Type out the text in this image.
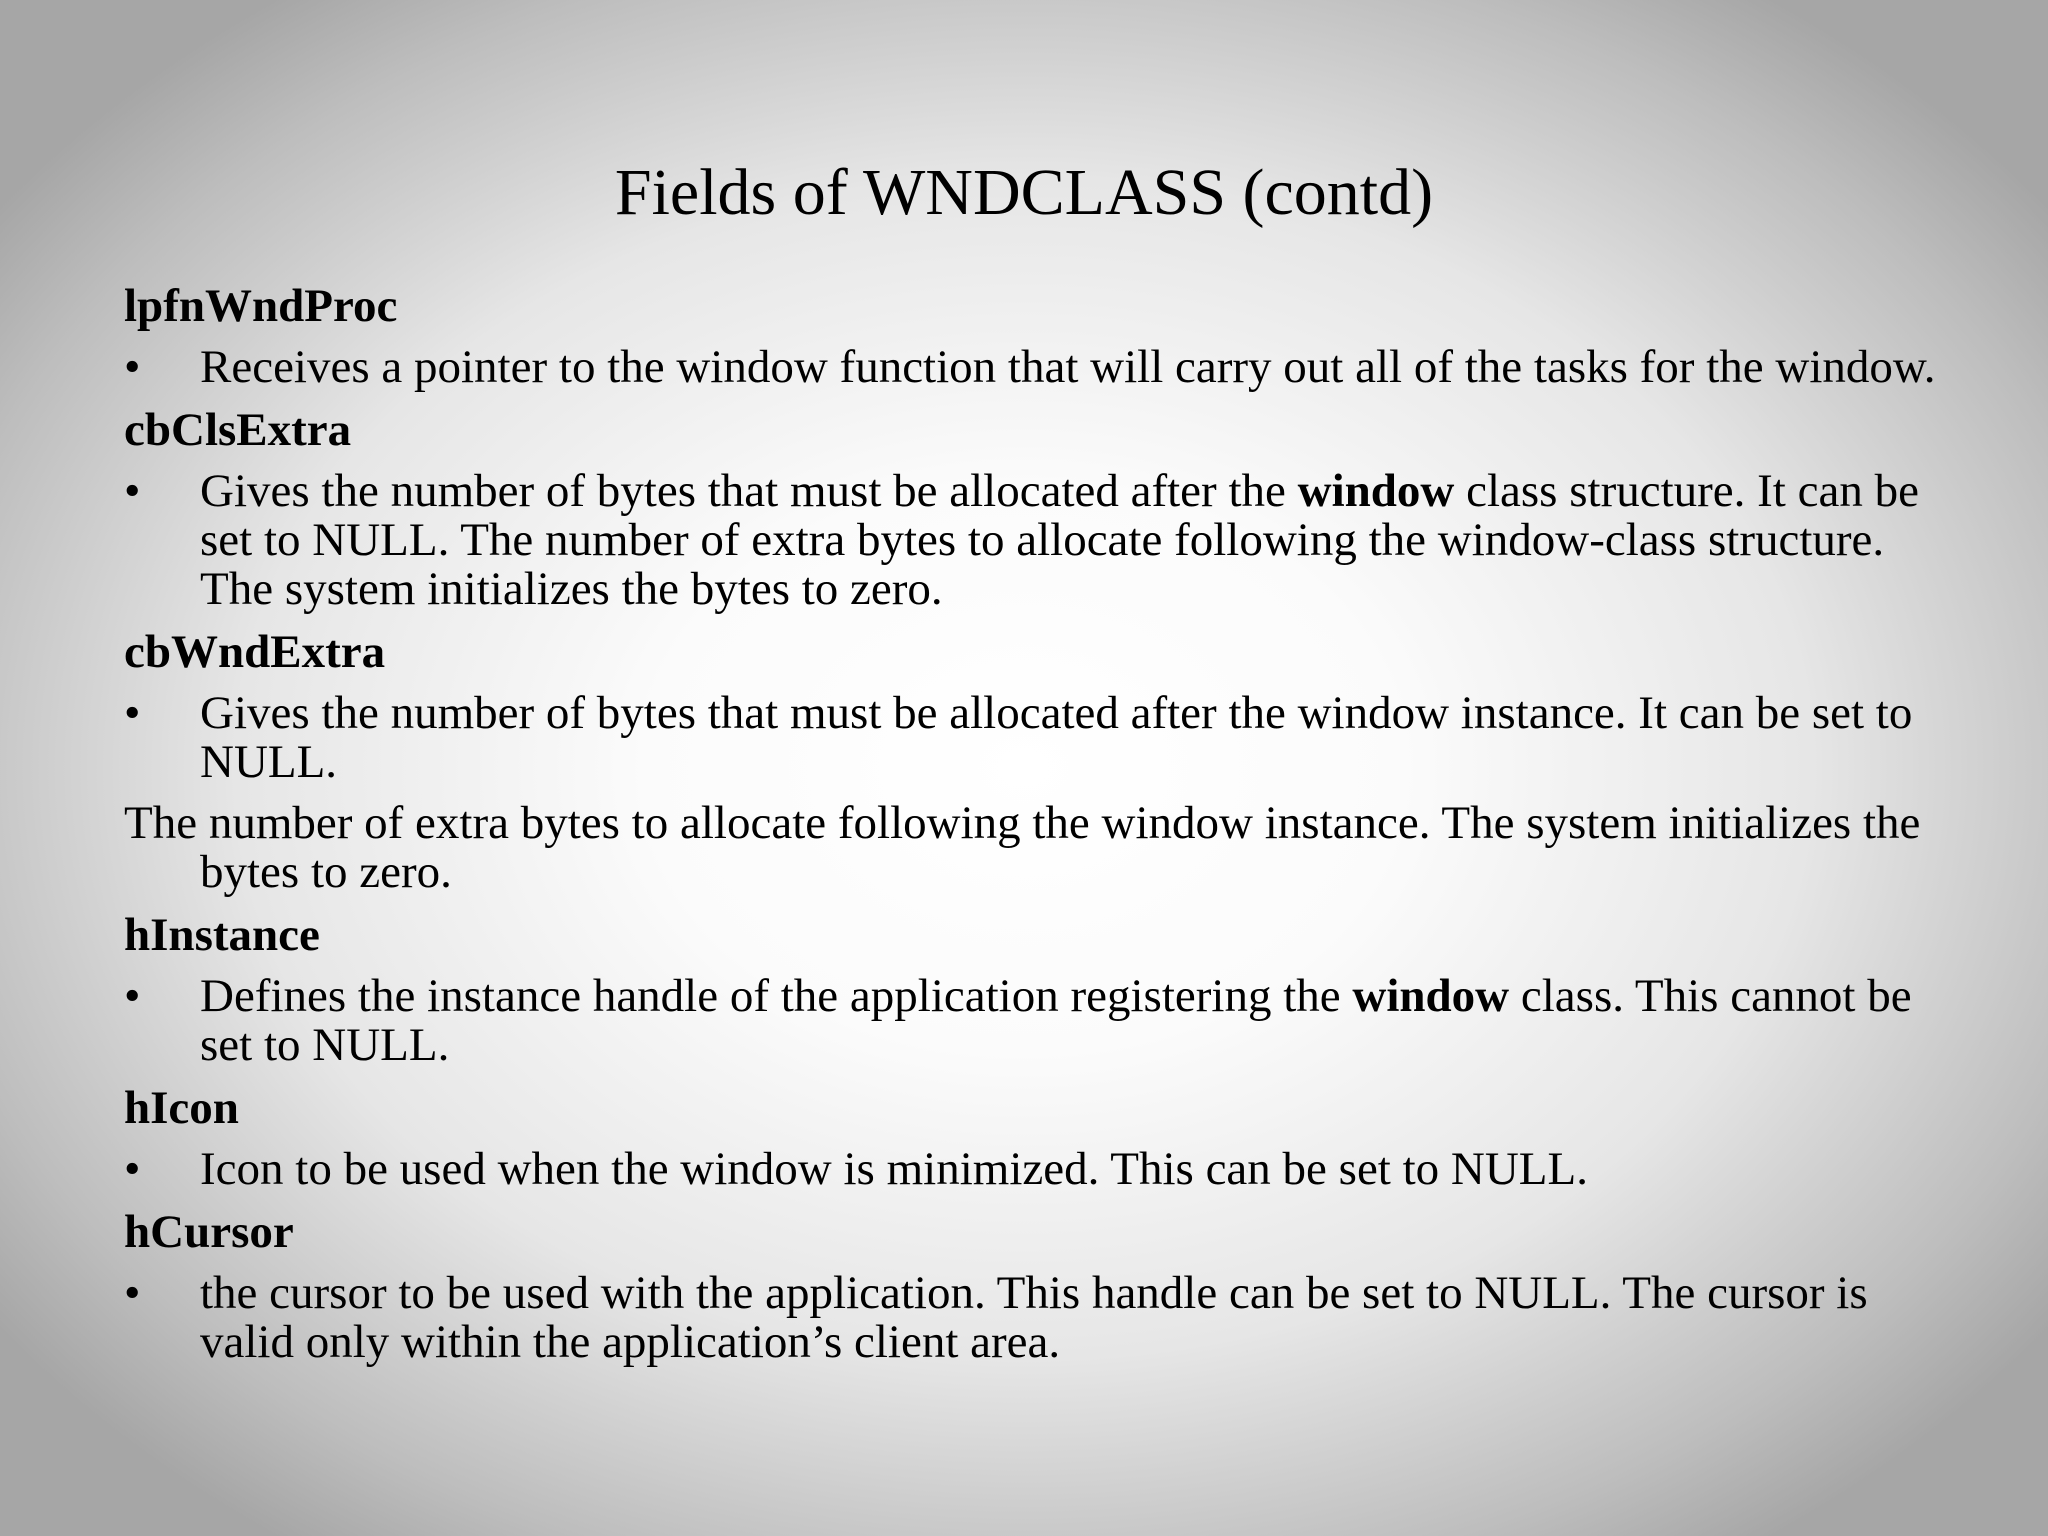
Fields of WNDCLASS (contd)
lpfnWndProc
• Receives a pointer to the window function that will carry out all of the tasks for the window.
cbClsExtra
• Gives the number of bytes that must be allocated after the window class structure. It can be set to NULL. The number of extra bytes to allocate following the window-class structure. The system initializes the bytes to zero.
cbWndExtra
• Gives the number of bytes that must be allocated after the window instance. It can be set to NULL.
The number of extra bytes to allocate following the window instance. The system initializes the bytes to zero.
hInstance
• Defines the instance handle of the application registering the window class. This cannot be set to NULL.
hIcon
• Icon to be used when the window is minimized. This can be set to NULL.
hCursor
• the cursor to be used with the application. This handle can be set to NULL. The cursor is valid only within the application’s client area.
